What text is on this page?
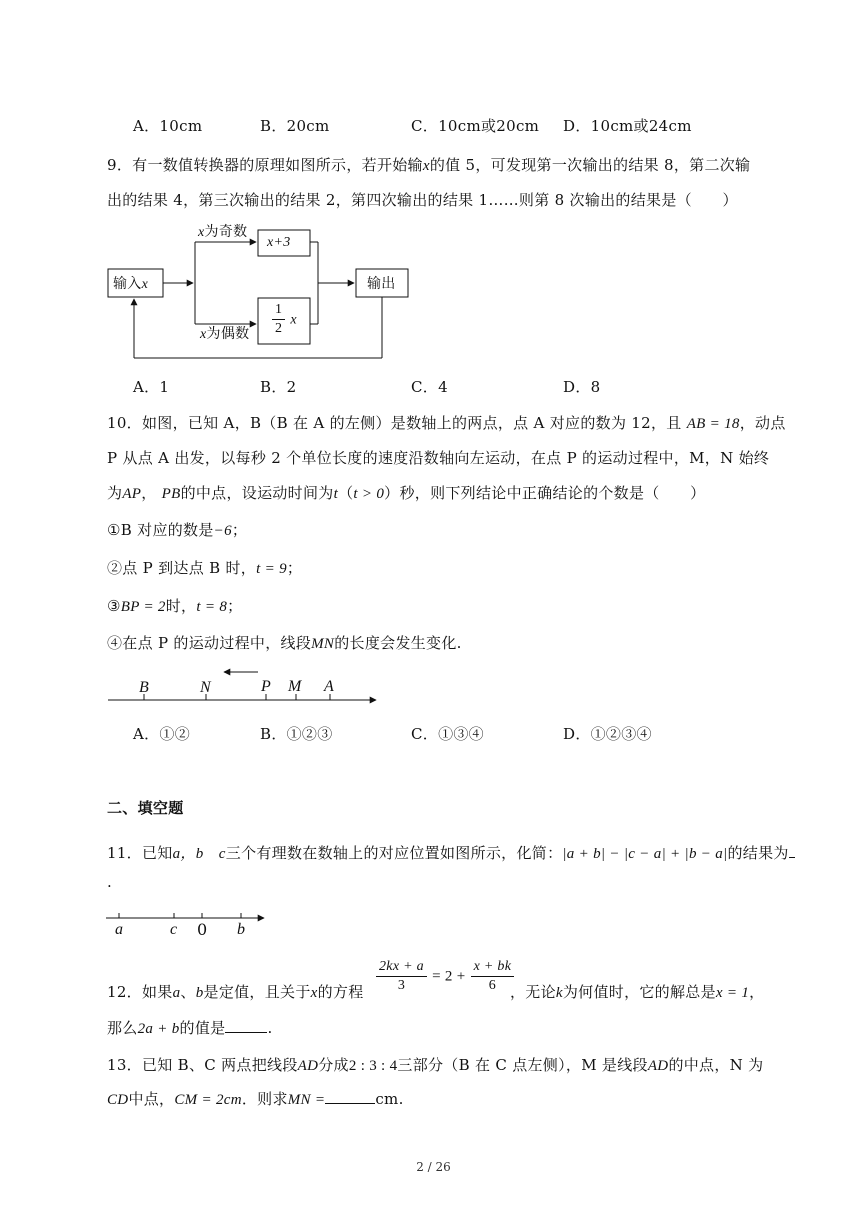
A．10cm	B．20cm	C．10cm或20cm D．10cm或24cm
9．有一数值转换器的原理如图所示，若开始输x的值 5，可发现第一次输出的结果 8，第二次输
出的结果 4，第三次输出的结果 2，第四次输出的结果 1……则第 8 次输出的结果是（　　）
输入x
x为奇数
x为偶数
x+3
$\frac{1}{2}$ x
输出
A．1	B．2	C．4	D．8
10．如图，已知 A，B（B 在 A 的左侧）是数轴上的两点，点 A 对应的数为 12，且 AB = 18，动点
P 从点 A 出发，以每秒 2 个单位长度的速度沿数轴向左运动，在点 P 的运动过程中，M，N 始终
为AP， PB的中点，设运动时间为t（t > 0）秒，则下列结论中正确结论的个数是（　　）
①B 对应的数是−6；
②点 P 到达点 B 时，t = 9；
③BP = 2时，t = 8；
④在点 P 的运动过程中，线段MN的长度会发生变化.
B	N	P M A
A．①②	B．①②③	C．①③④	D．①②③④
二、填空题
11．已知a，b　c三个有理数在数轴上的对应位置如图所示，化简：|a + b| − |c − a| + |b − a|的结果为
.
a	c 0 b
12．如果a、b是定值，且关于x的方程 $\frac{2kx + a}{3} = 2 + \frac{x + bk}{6}$
，无论k为何值时，它的解总是x = 1，
那么2a + b的值是	.
13．已知 B、C 两点把线段AD分成2 : 3 : 4三部分（B 在 C 点左侧），M 是线段AD的中点，N 为
CD中点，CM = 2cm．则求MN =	cm.
2 / 26
